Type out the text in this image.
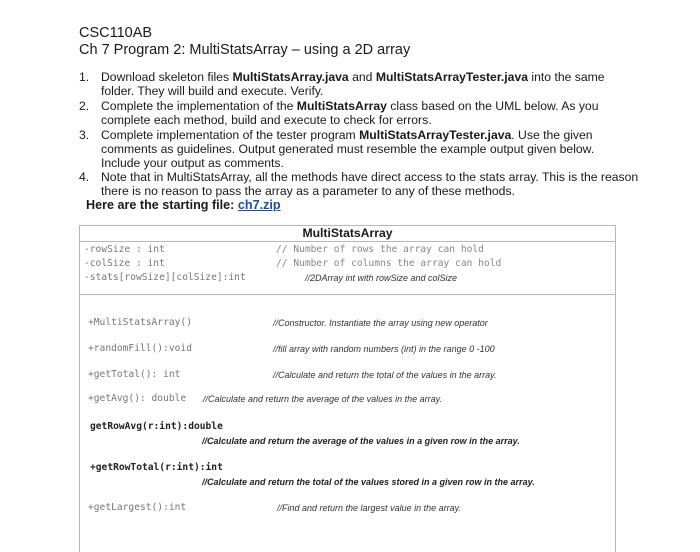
CSC110AB
Ch 7 Program 2: MultiStatsArray – using a 2D array
1. Download skeleton files MultiStatsArray.java and MultiStatsArrayTester.java into the same
folder. They will build and execute. Verify.
2. Complete the implementation of the MultiStatsArray class based on the UML below. As you
complete each method, build and execute to check for errors.
3. Complete implementation of the tester program MultiStatsArrayTester.java. Use the given
comments as guidelines. Output generated must resemble the example output given below.
Include your output as comments.
4. Note that in MultiStatsArray, all the methods have direct access to the stats array. This is the reason
there is no reason to pass the array as a parameter to any of these methods.
Here are the starting file: ch7.zip
MultiStatsArray
-rowSize : int	// Number of rows the array can hold
-colSize : int	// Number of columns the array can hold
-stats[rowSize][colSize]:int	//2DArray int with rowSize and colSize
+MultiStatsArray()	//Constructor. Instantiate the array using new operator
+randomFill():void	//fill array with random numbers (int) in the range 0 -100
+getTotal(): int	//Calculate and return the total of the values in the array.
+getAvg(): double //Calculate and return the average of the values in the array.
getRowAvg(r:int):double
//Calculate and return the average of the values in a given row in the array.
+getRowTotal(r:int):int
//Calculate and return the total of the values stored in a given row in the array.
+getLargest():int	//Find and return the largest value in the array.
